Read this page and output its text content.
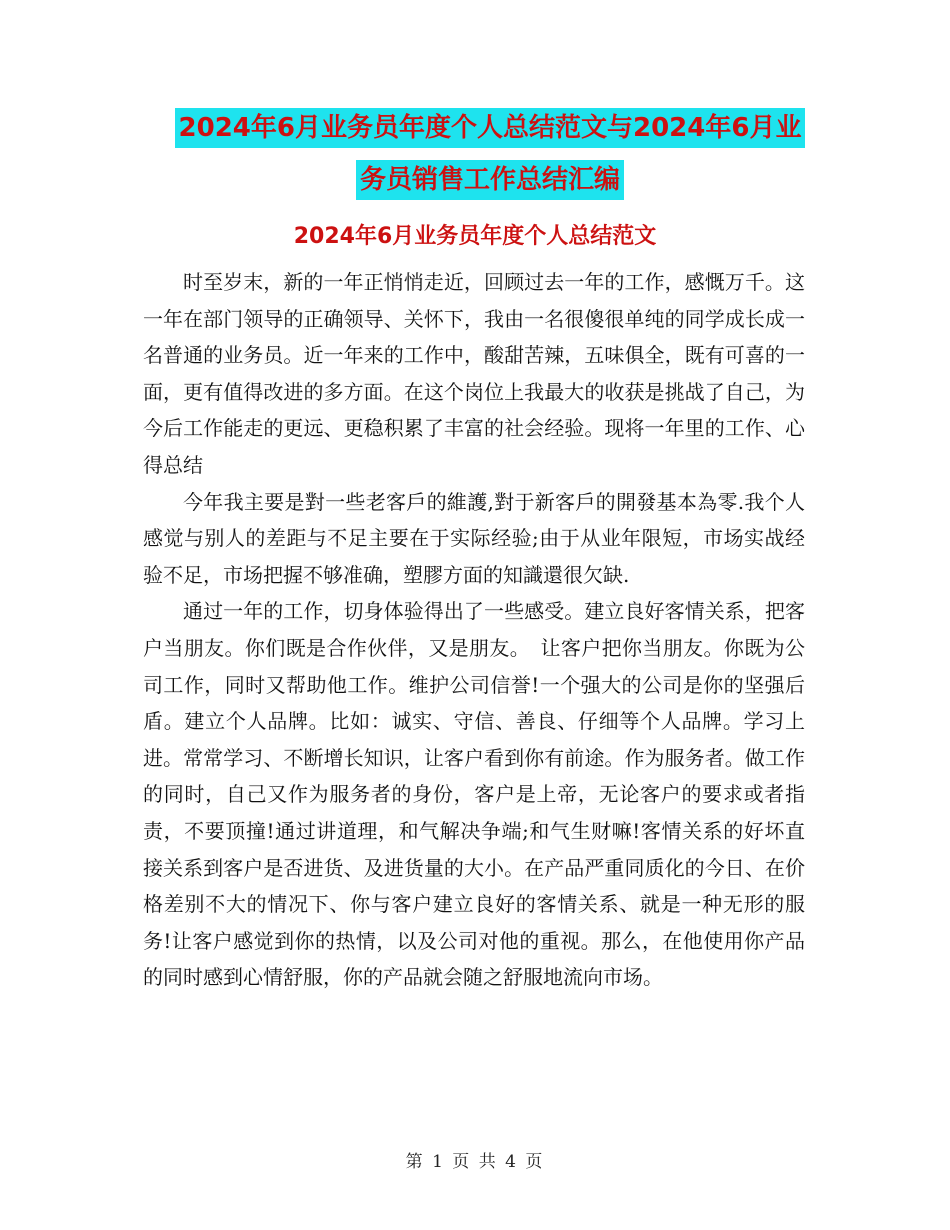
2024年6月业务员年度个人总结范文与2024年6月业
务员销售工作总结汇编
2024年6月业务员年度个人总结范文

时至岁末，新的一年正悄悄走近，回顾过去一年的工作，感慨万千。这一年在部门领导的正确领导、关怀下，我由一名很傻很单纯的同学成长成一名普通的业务员。近一年来的工作中，酸甜苦辣，五味俱全，既有可喜的一面，更有值得改进的多方面。在这个岗位上我最大的收获是挑战了自己，为今后工作能走的更远、更稳积累了丰富的社会经验。现将一年里的工作、心得总结

今年我主要是對一些老客戶的維護,對于新客戶的開發基本為零.我个人感觉与别人的差距与不足主要在于实际经验;由于从业年限短，市场实战经验不足，市场把握不够准确，塑膠方面的知識還很欠缺.

通过一年的工作，切身体验得出了一些感受。建立良好客情关系，把客户当朋友。你们既是合作伙伴，又是朋友。　让客户把你当朋友。你既为公司工作，同时又帮助他工作。维护公司信誉!一个强大的公司是你的坚强后盾。建立个人品牌。比如：诚实、守信、善良、仔细等个人品牌。学习上进。常常学习、不断增长知识，让客户看到你有前途。作为服务者。做工作的同时，自己又作为服务者的身份，客户是上帝，无论客户的要求或者指责，不要顶撞!通过讲道理，和气解决争端;和气生财嘛!客情关系的好坏直接关系到客户是否进货、及进货量的大小。在产品严重同质化的今日、在价格差别不大的情况下、你与客户建立良好的客情关系、就是一种无形的服务!让客户感觉到你的热情，以及公司对他的重视。那么，在他使用你产品的同时感到心情舒服，你的产品就会随之舒服地流向市场。

第 1 页 共 4 页
